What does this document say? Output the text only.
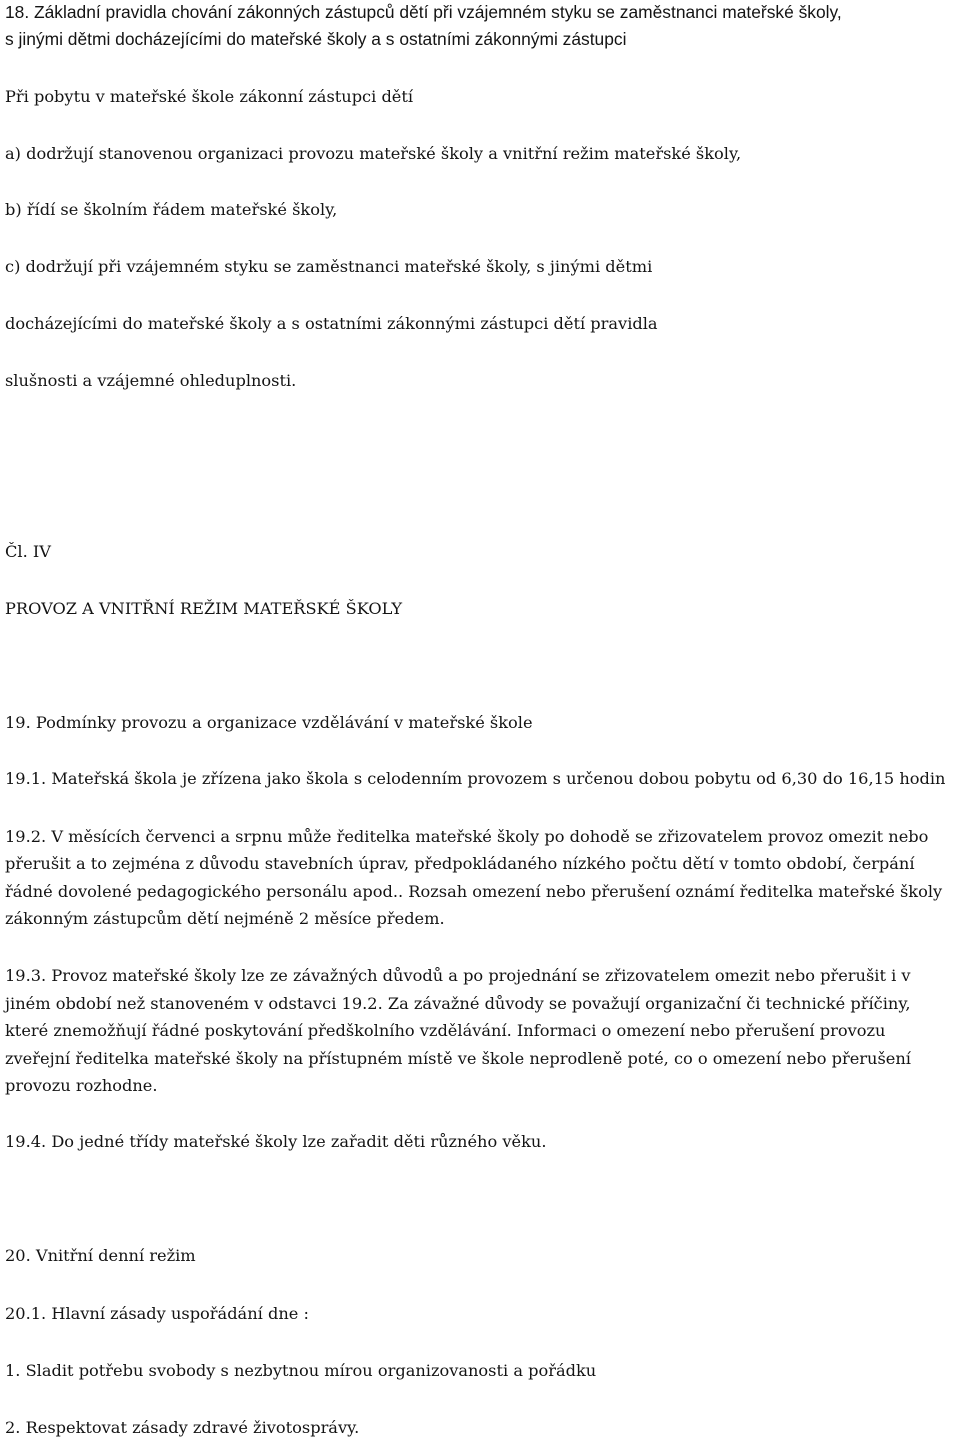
18. Základní pravidla chování zákonných zástupců dětí při vzájemném styku se zaměstnanci mateřské školy,
s jinými dětmi docházejícími do mateřské školy a s ostatními zákonnými zástupci
Při pobytu v mateřské škole zákonní zástupci dětí
a) dodržují stanovenou organizaci provozu mateřské školy a vnitřní režim mateřské školy,
b) řídí se školním řádem mateřské školy,
c) dodržují při vzájemném styku se zaměstnanci mateřské školy, s jinými dětmi
docházejícími do mateřské školy a s ostatními zákonnými zástupci dětí pravidla
slušnosti a vzájemné ohleduplnosti.
Čl. IV
PROVOZ A VNITŘNÍ REŽIM MATEŘSKÉ ŠKOLY
19. Podmínky provozu a organizace vzdělávání v mateřské škole
19.1. Mateřská škola je zřízena jako škola s celodenním provozem s určenou dobou pobytu od 6,30 do 16,15 hodin
19.2. V měsících červenci a srpnu může ředitelka mateřské školy po dohodě se zřizovatelem provoz omezit nebo
přerušit a to zejména z důvodu stavebních úprav, předpokládaného nízkého počtu dětí v tomto období, čerpání
řádné dovolené pedagogického personálu apod.. Rozsah omezení nebo přerušení oznámí ředitelka mateřské školy
zákonným zástupcům dětí nejméně 2 měsíce předem.
19.3. Provoz mateřské školy lze ze závažných důvodů a po projednání se zřizovatelem omezit nebo přerušit i v
jiném období než stanoveném v odstavci 19.2. Za závažné důvody se považují organizační či technické příčiny,
které znemožňují řádné poskytování předškolního vzdělávání. Informaci o omezení nebo přerušení provozu
zveřejní ředitelka mateřské školy na přístupném místě ve škole neprodleně poté, co o omezení nebo přerušení
provozu rozhodne.
19.4. Do jedné třídy mateřské školy lze zařadit děti různého věku.
20. Vnitřní denní režim
20.1. Hlavní zásady uspořádání dne :
1. Sladit potřebu svobody s nezbytnou mírou organizovanosti a pořádku
2. Respektovat zásady zdravé životosprávy.
